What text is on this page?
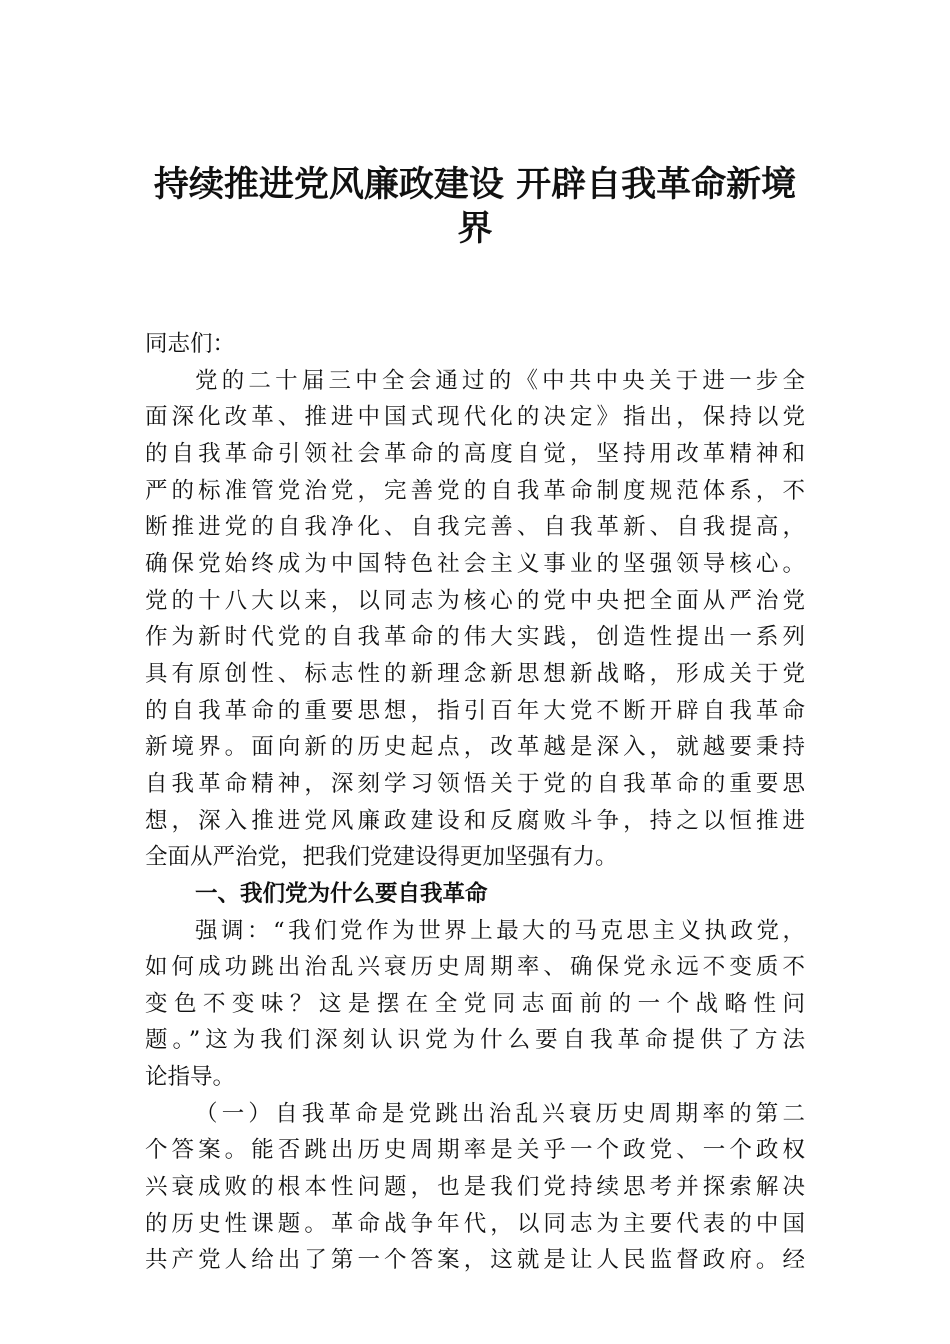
持续推进党风廉政建设 开辟自我革命新境
界
同志们：
党的二十届三中全会通过的《中共中央关于进一步全
面深化改革、推进中国式现代化的决定》指出，保持以党
的自我革命引领社会革命的高度自觉，坚持用改革精神和
严的标准管党治党，完善党的自我革命制度规范体系，不
断推进党的自我净化、自我完善、自我革新、自我提高，
确保党始终成为中国特色社会主义事业的坚强领导核心。
党的十八大以来，以同志为核心的党中央把全面从严治党
作为新时代党的自我革命的伟大实践，创造性提出一系列
具有原创性、标志性的新理念新思想新战略，形成关于党
的自我革命的重要思想，指引百年大党不断开辟自我革命
新境界。面向新的历史起点，改革越是深入，就越要秉持
自我革命精神，深刻学习领悟关于党的自我革命的重要思
想，深入推进党风廉政建设和反腐败斗争，持之以恒推进
全面从严治党，把我们党建设得更加坚强有力。
一、我们党为什么要自我革命
强调：“我们党作为世界上最大的马克思主义执政党，
如何成功跳出治乱兴衰历史周期率、确保党永远不变质不
变色不变味？这是摆在全党同志面前的一个战略性问
题。”这为我们深刻认识党为什么要自我革命提供了方法
论指导。
（一）自我革命是党跳出治乱兴衰历史周期率的第二
个答案。能否跳出历史周期率是关乎一个政党、一个政权
兴衰成败的根本性问题，也是我们党持续思考并探索解决
的历史性课题。革命战争年代，以同志为主要代表的中国
共产党人给出了第一个答案，这就是让人民监督政府。经
